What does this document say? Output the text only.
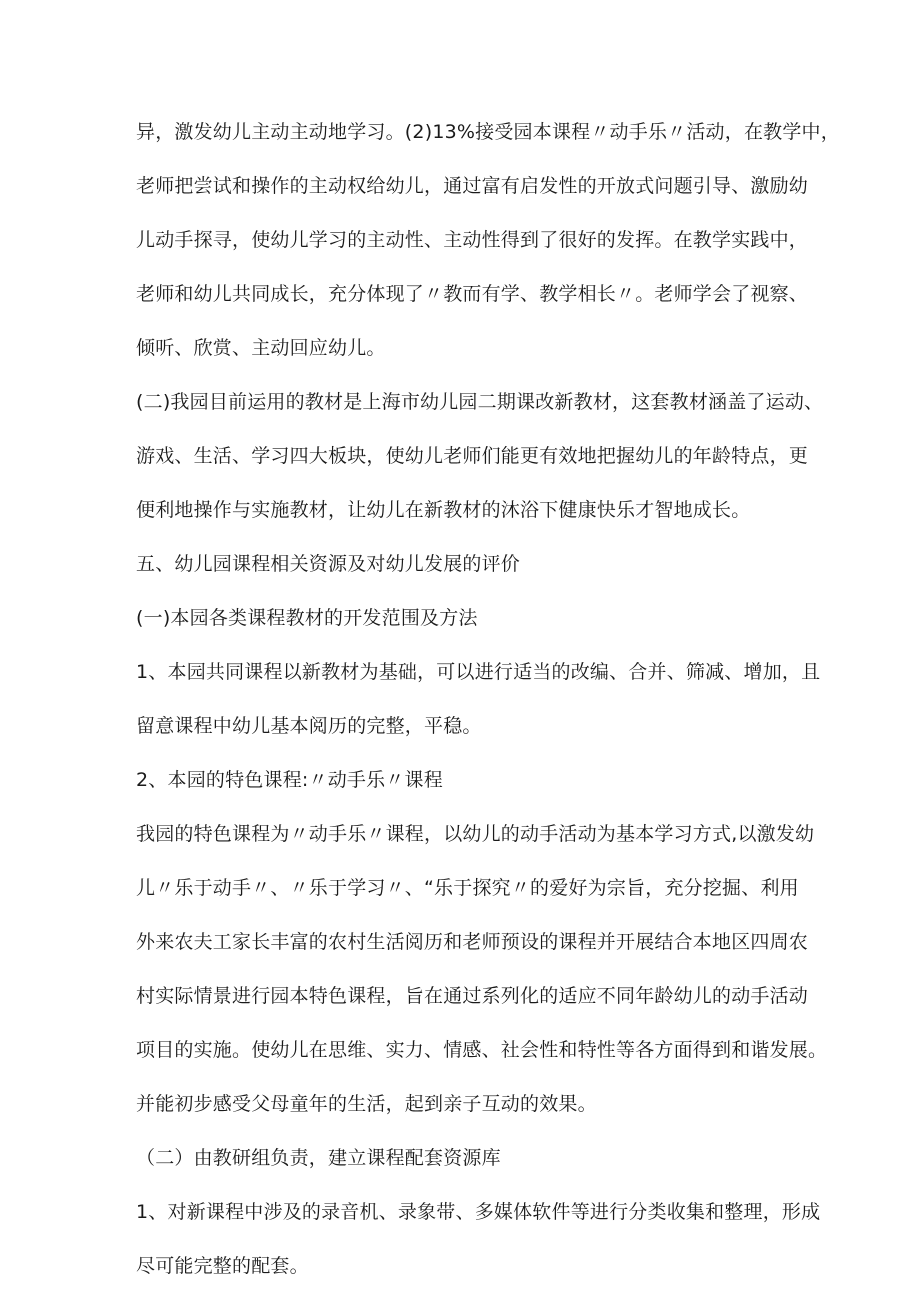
异，激发幼儿主动主动地学习。(2)13%接受园本课程〃动手乐〃活动，在教学中，
老师把尝试和操作的主动权给幼儿，通过富有启发性的开放式问题引导、激励幼
儿动手探寻，使幼儿学习的主动性、主动性得到了很好的发挥。在教学实践中，
老师和幼儿共同成长，充分体现了〃教而有学、教学相长〃。老师学会了视察、
倾听、欣赏、主动回应幼儿。
(二)我园目前运用的教材是上海市幼儿园二期课改新教材，这套教材涵盖了运动、
游戏、生活、学习四大板块，使幼儿老师们能更有效地把握幼儿的年龄特点，更
便利地操作与实施教材，让幼儿在新教材的沐浴下健康快乐才智地成长。
五、幼儿园课程相关资源及对幼儿发展的评价
(一)本园各类课程教材的开发范围及方法
1、本园共同课程以新教材为基础，可以进行适当的改编、合并、筛减、增加，且
留意课程中幼儿基本阅历的完整，平稳。
2、本园的特色课程:〃动手乐〃课程
我园的特色课程为〃动手乐〃课程，以幼儿的动手活动为基本学习方式,以激发幼
儿〃乐于动手〃、〃乐于学习〃、“乐于探究〃的爱好为宗旨，充分挖掘、利用
外来农夫工家长丰富的农村生活阅历和老师预设的课程并开展结合本地区四周农
村实际情景进行园本特色课程，旨在通过系列化的适应不同年龄幼儿的动手活动
项目的实施。使幼儿在思维、实力、情感、社会性和特性等各方面得到和谐发展。
并能初步感受父母童年的生活，起到亲子互动的效果。
（二）由教研组负责，建立课程配套资源库
1、对新课程中涉及的录音机、录象带、多媒体软件等进行分类收集和整理，形成
尽可能完整的配套。
